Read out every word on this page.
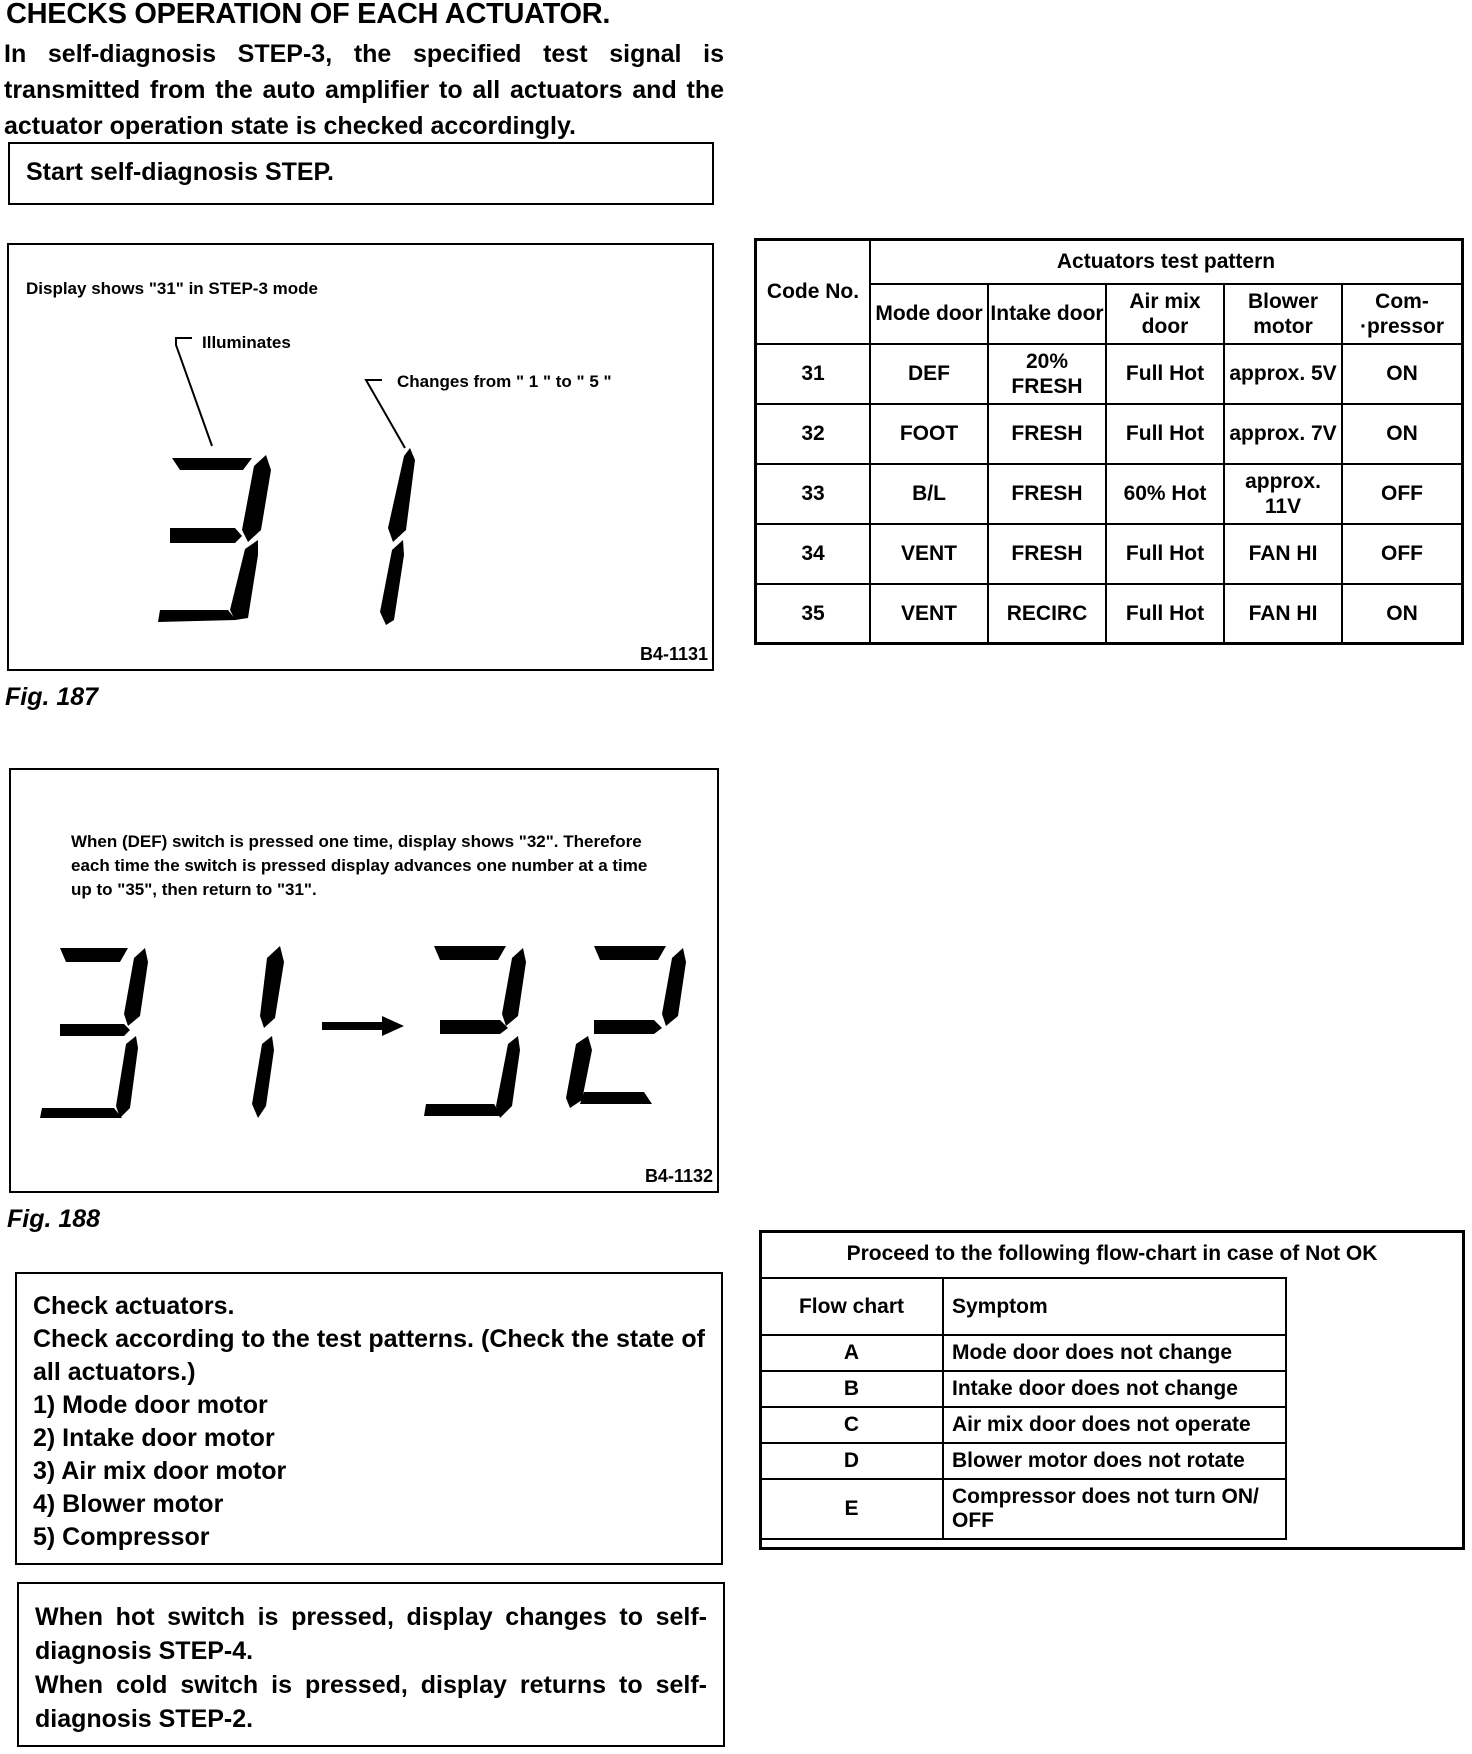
CHECKS OPERATION OF EACH ACTUATOR.
In self-diagnosis STEP-3, the specified test signal is transmitted from the auto amplifier to all actuators and the actuator operation state is checked accordingly.
Start self-diagnosis STEP.
Display shows "31" in STEP-3 mode
Illuminates
Changes from " 1 " to " 5 "
B4-1131
Fig. 187
When (DEF) switch is pressed one time, display shows "32". Therefore each time the switch is pressed display advances one number at a time up to "35", then return to "31".
B4-1132
Fig. 188
Code No.	Actuators test pattern				
	Mode door	Intake door	Air mix door	Blower motor	Com-·pressor
31	DEF	20% FRESH	Full Hot	approx. 5V	ON
32	FOOT	FRESH	Full Hot	approx. 7V	ON
33	B/L	FRESH	60% Hot	approx. 11V	OFF
34	VENT	FRESH	Full Hot	FAN HI	OFF
35	VENT	RECIRC	Full Hot	FAN HI	ON
Proceed to the following flow-chart in case of Not OK
Flow chart	Symptom
A	Mode door does not change
B	Intake door does not change
C	Air mix door does not operate
D	Blower motor does not rotate
E	Compressor does not turn ON/ OFF
Check actuators.
Check according to the test patterns. (Check the state of all actuators.)
1) Mode door motor
2) Intake door motor
3) Air mix door motor
4) Blower motor
5) Compressor
When hot switch is pressed, display changes to self-diagnosis STEP-4.
When cold switch is pressed, display returns to self-diagnosis STEP-2.
